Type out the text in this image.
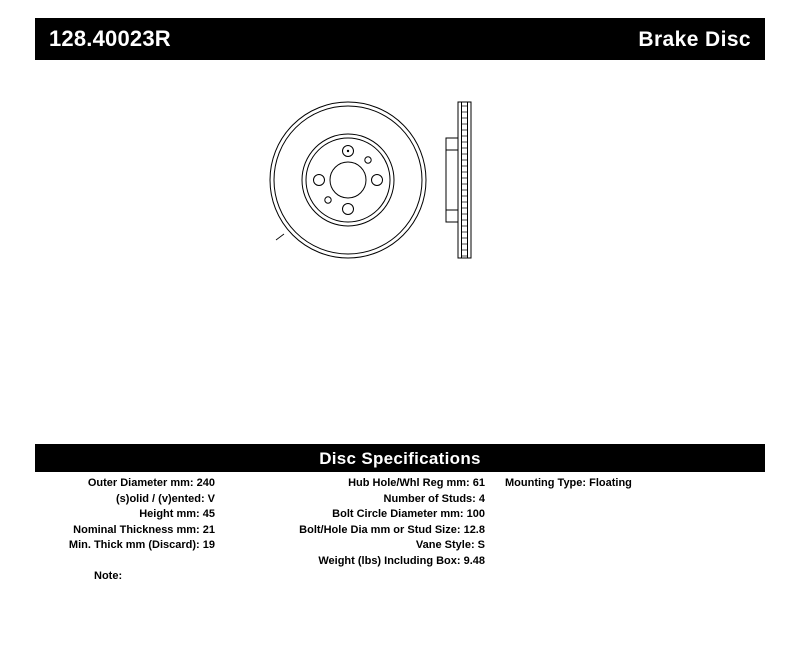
128.40023R	Brake Disc
Disc Specifications
Outer Diameter mm: 240
(s)olid / (v)ented: V
Height mm: 45
Nominal Thickness mm: 21
Min. Thick mm (Discard): 19
Hub Hole/Whl Reg mm: 61
Number of Studs: 4
Bolt Circle Diameter mm: 100
Bolt/Hole Dia mm or Stud Size: 12.8
Vane Style: S
Weight (lbs) Including Box: 9.48
Mounting Type: Floating
Note:
